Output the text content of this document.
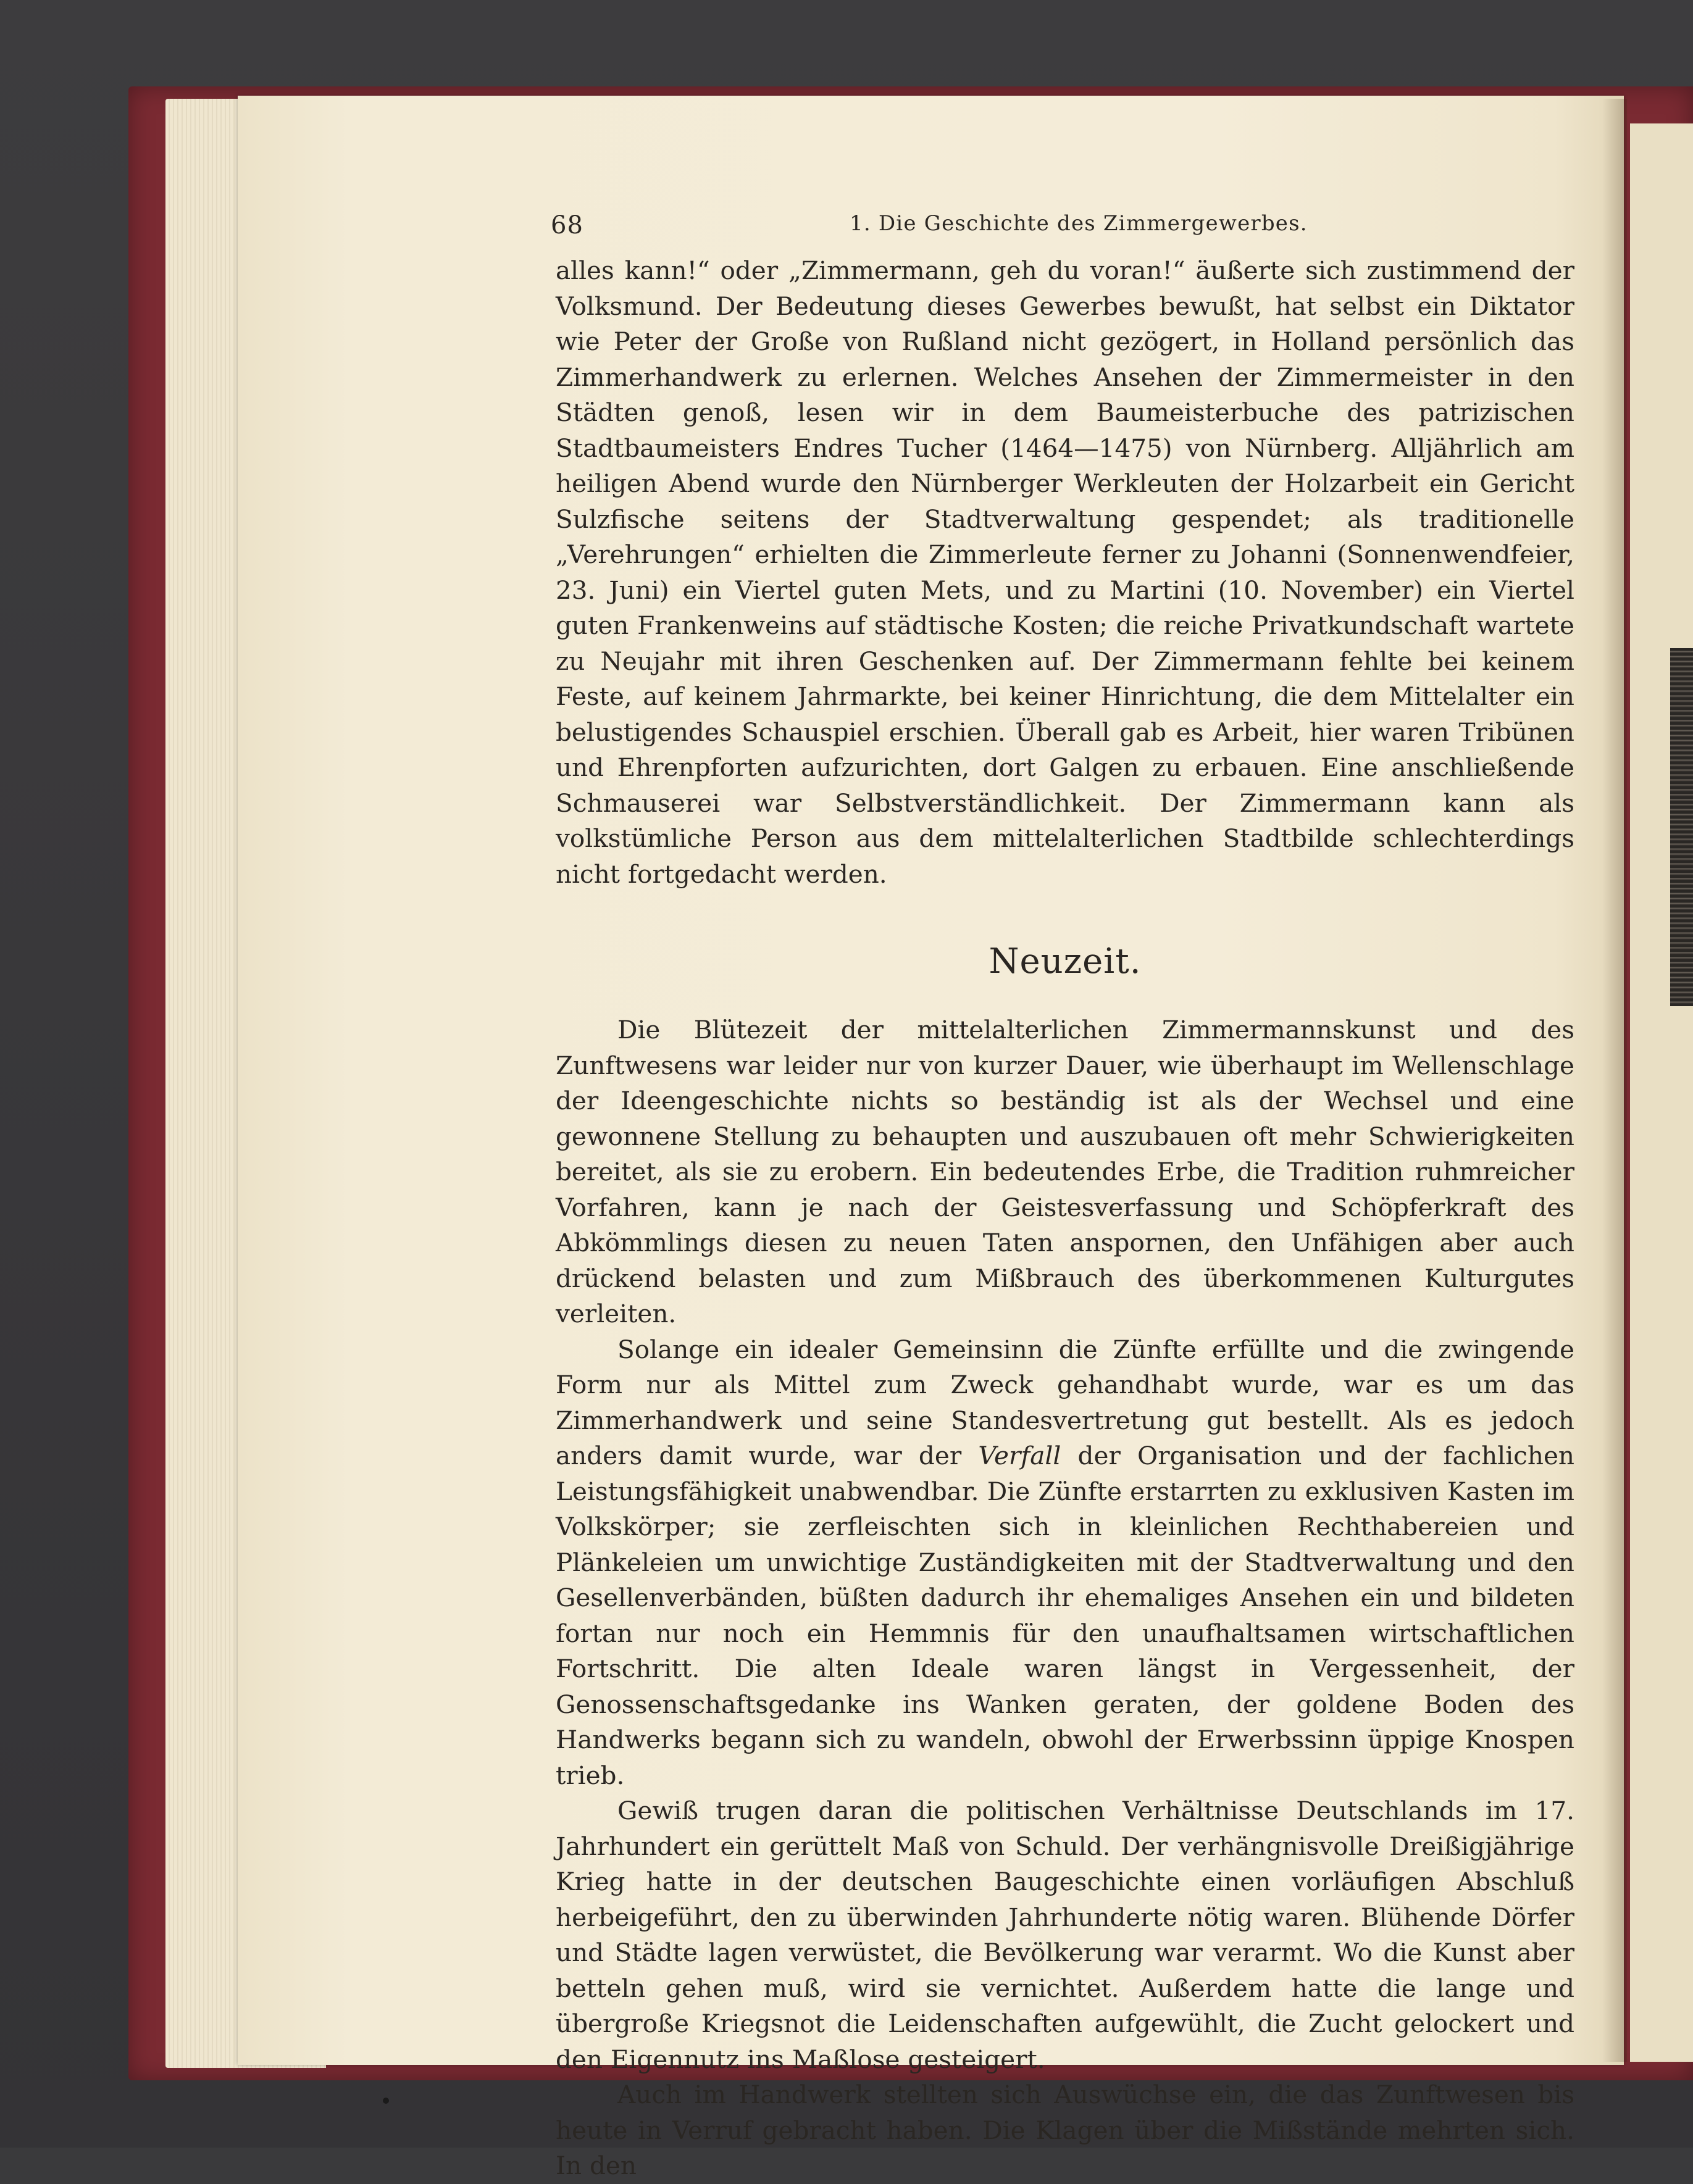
68	1. Die Geschichte des Zimmergewerbes.

alles kann!“ oder „Zimmermann, geh du voran!“ äußerte sich zustimmend der Volksmund. Der Bedeutung dieses Gewerbes bewußt, hat selbst ein Diktator wie Peter der Große von Rußland nicht gezögert, in Holland persönlich das Zimmerhandwerk zu erlernen. Welches Ansehen der Zimmermeister in den Städten genoß, lesen wir in dem Baumeisterbuche des patrizischen Stadtbaumeisters Endres Tucher (1464—1475) von Nürnberg. Alljährlich am heiligen Abend wurde den Nürnberger Werkleuten der Holzarbeit ein Gericht Sulzfische seitens der Stadtverwaltung gespendet; als traditionelle „Verehrungen“ erhielten die Zimmerleute ferner zu Johanni (Sonnenwendfeier, 23. Juni) ein Viertel guten Mets, und zu Martini (10. November) ein Viertel guten Frankenweins auf städtische Kosten; die reiche Privatkundschaft wartete zu Neujahr mit ihren Geschenken auf. Der Zimmermann fehlte bei keinem Feste, auf keinem Jahrmarkte, bei keiner Hinrichtung, die dem Mittelalter ein belustigendes Schauspiel erschien. Überall gab es Arbeit, hier waren Tribünen und Ehrenpforten aufzurichten, dort Galgen zu erbauen. Eine anschließende Schmauserei war Selbstverständlichkeit. Der Zimmermann kann als volkstümliche Person aus dem mittelalterlichen Stadtbilde schlechterdings nicht fortgedacht werden.

Neuzeit.

Die Blütezeit der mittelalterlichen Zimmermannskunst und des Zunftwesens war leider nur von kurzer Dauer, wie überhaupt im Wellenschlage der Ideengeschichte nichts so beständig ist als der Wechsel und eine gewonnene Stellung zu behaupten und auszubauen oft mehr Schwierigkeiten bereitet, als sie zu erobern. Ein bedeutendes Erbe, die Tradition ruhmreicher Vorfahren, kann je nach der Geistesverfassung und Schöpferkraft des Abkömmlings diesen zu neuen Taten anspornen, den Unfähigen aber auch drückend belasten und zum Mißbrauch des überkommenen Kulturgutes verleiten.

Solange ein idealer Gemeinsinn die Zünfte erfüllte und die zwingende Form nur als Mittel zum Zweck gehandhabt wurde, war es um das Zimmerhandwerk und seine Standesvertretung gut bestellt. Als es jedoch anders damit wurde, war der Verfall der Organisation und der fachlichen Leistungsfähigkeit unabwendbar. Die Zünfte erstarrten zu exklusiven Kasten im Volkskörper; sie zerfleischten sich in kleinlichen Rechthabereien und Plänkeleien um unwichtige Zuständigkeiten mit der Stadtverwaltung und den Gesellenverbänden, büßten dadurch ihr ehemaliges Ansehen ein und bildeten fortan nur noch ein Hemmnis für den unaufhaltsamen wirtschaftlichen Fortschritt. Die alten Ideale waren längst in Vergessenheit, der Genossenschaftsgedanke ins Wanken geraten, der goldene Boden des Handwerks begann sich zu wandeln, obwohl der Erwerbssinn üppige Knospen trieb.

Gewiß trugen daran die politischen Verhältnisse Deutschlands im 17. Jahrhundert ein gerüttelt Maß von Schuld. Der verhängnisvolle Dreißigjährige Krieg hatte in der deutschen Baugeschichte einen vorläufigen Abschluß herbeigeführt, den zu überwinden Jahrhunderte nötig waren. Blühende Dörfer und Städte lagen verwüstet, die Bevölkerung war verarmt. Wo die Kunst aber betteln gehen muß, wird sie vernichtet. Außerdem hatte die lange und übergroße Kriegsnot die Leidenschaften aufgewühlt, die Zucht gelockert und den Eigennutz ins Maßlose gesteigert.

Auch im Handwerk stellten sich Auswüchse ein, die das Zunftwesen bis heute in Verruf gebracht haben. Die Klagen über die Mißstände mehrten sich. In den
